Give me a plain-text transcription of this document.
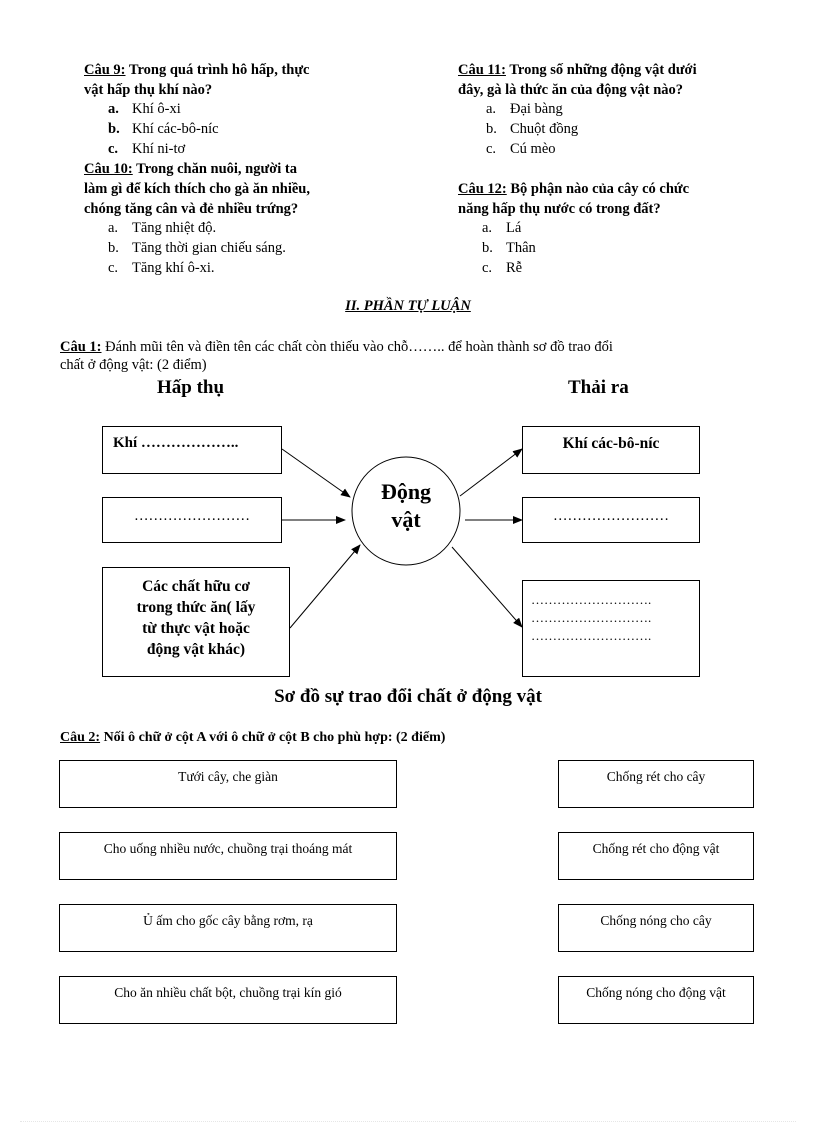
Câu 9: Trong quá trình hô hấp, thực
vật hấp thụ khí nào?
a. Khí ô-xi
b. Khí các-bô-níc
c. Khí ni-tơ
Câu 10: Trong chăn nuôi, người ta
làm gì để kích thích cho gà ăn nhiều,
chóng tăng cân và đẻ nhiều trứng?
a. Tăng nhiệt độ.
b. Tăng thời gian chiếu sáng.
c. Tăng khí ô-xi.
Câu 11: Trong số những động vật dưới
đây, gà là thức ăn của động vật nào?
a. Đại bàng
b. Chuột đồng
c. Cú mèo
Câu 12: Bộ phận nào của cây có chức
năng hấp thụ nước có trong đất?
a. Lá
b. Thân
c. Rễ
II. PHẦN TỰ LUẬN
Câu 1: Đánh mũi tên và điền tên các chất còn thiếu vào chỗ…….. để hoàn thành sơ đồ trao đổi
chất ở động vật: (2 điểm)
Hấp thụ	Thải ra
Động
vật
Khí ………………..
……………………
Các chất hữu cơ
trong thức ăn( lấy
từ thực vật hoặc
động vật khác)
Khí các-bô-níc
……………………
……………………….
……………………….
……………………….
Sơ đồ sự trao đổi chất ở động vật
Câu 2: Nối ô chữ ở cột A với ô chữ ở cột B cho phù hợp: (2 điểm)
Tưới cây, che giàn
Cho uống nhiều nước, chuồng trại thoáng mát
Ủ ấm cho gốc cây bằng rơm, rạ
Cho ăn nhiều chất bột, chuồng trại kín gió
Chống rét cho cây
Chống rét cho động vật
Chống nóng cho cây
Chống nóng cho động vật
